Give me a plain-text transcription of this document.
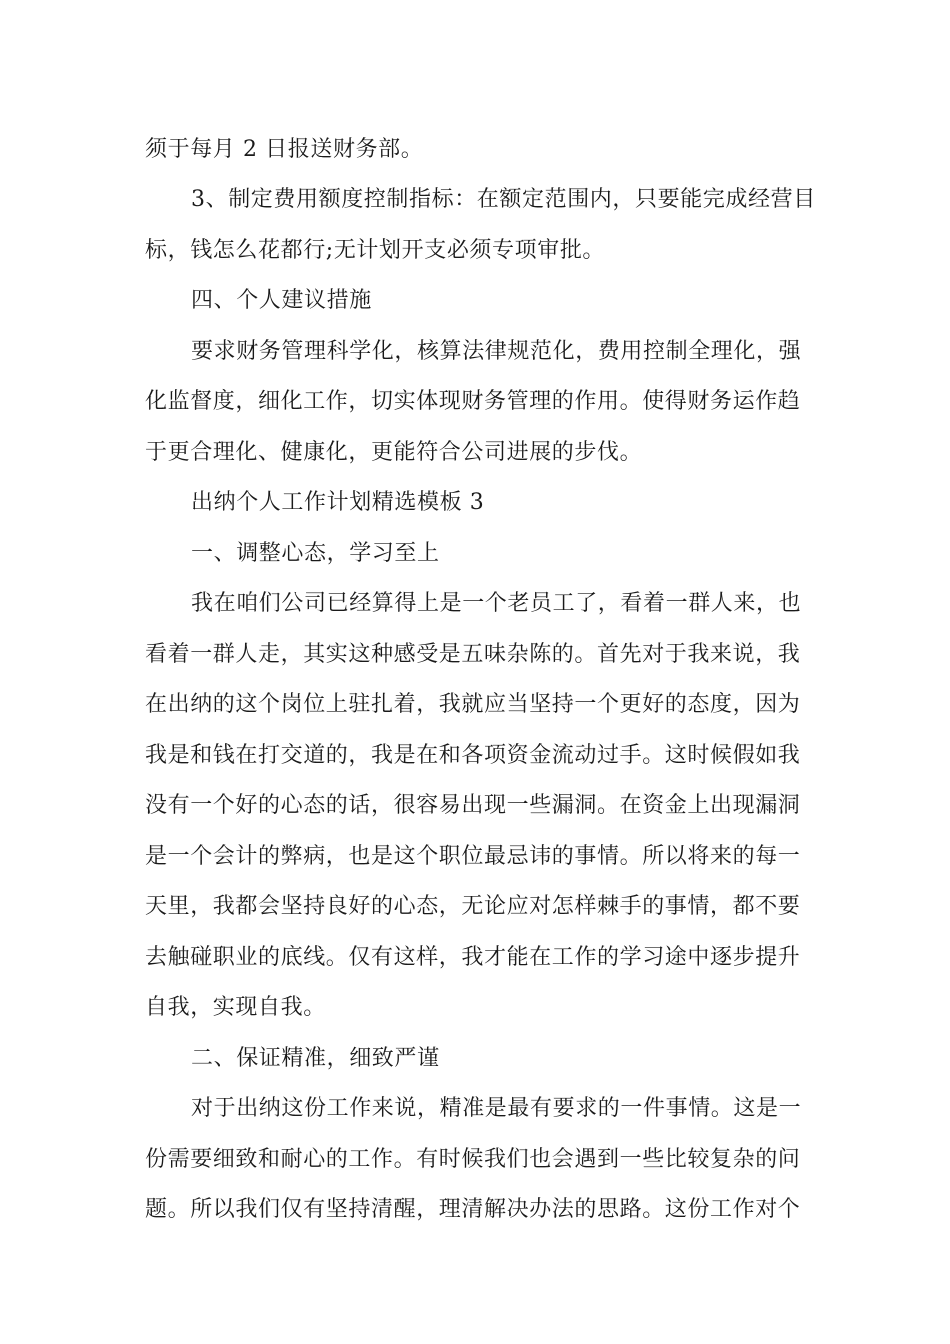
须于每月 2 日报送财务部。
3、制定费用额度控制指标：在额定范围内，只要能完成经营目
标，钱怎么花都行;无计划开支必须专项审批。
四、个人建议措施
要求财务管理科学化，核算法律规范化，费用控制全理化，强
化监督度，细化工作，切实体现财务管理的作用。使得财务运作趋
于更合理化、健康化，更能符合公司进展的步伐。
出纳个人工作计划精选模板 3
一、调整心态，学习至上
我在咱们公司已经算得上是一个老员工了，看着一群人来，也
看着一群人走，其实这种感受是五味杂陈的。首先对于我来说，我
在出纳的这个岗位上驻扎着，我就应当坚持一个更好的态度，因为
我是和钱在打交道的，我是在和各项资金流动过手。这时候假如我
没有一个好的心态的话，很容易出现一些漏洞。在资金上出现漏洞
是一个会计的弊病，也是这个职位最忌讳的事情。所以将来的每一
天里，我都会坚持良好的心态，无论应对怎样棘手的事情，都不要
去触碰职业的底线。仅有这样，我才能在工作的学习途中逐步提升
自我，实现自我。
二、保证精准，细致严谨
对于出纳这份工作来说，精准是最有要求的一件事情。这是一
份需要细致和耐心的工作。有时候我们也会遇到一些比较复杂的问
题。所以我们仅有坚持清醒，理清解决办法的思路。这份工作对个
